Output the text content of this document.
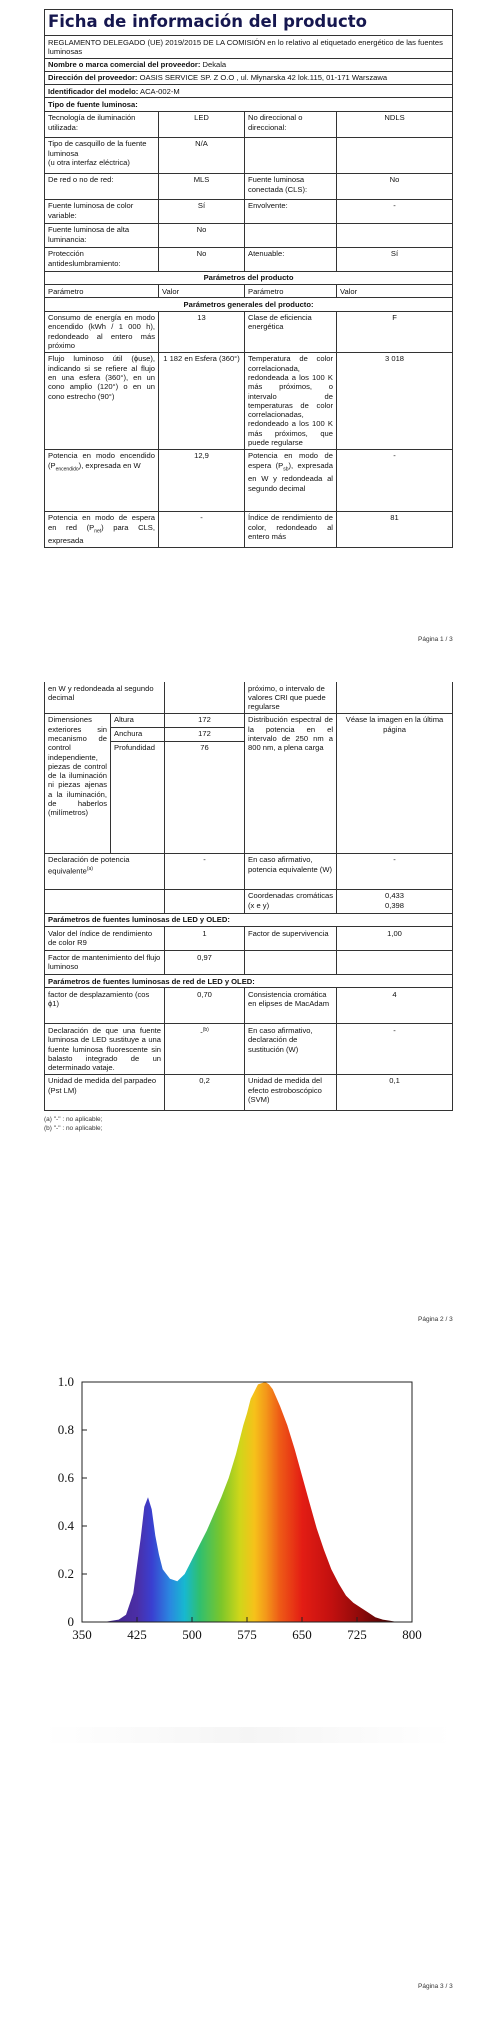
Ficha de información del producto			
REGLAMENTO DELEGADO (UE) 2019/2015 DE LA COMISIÓN en lo relativo al etiquetado energético de las fuentes luminosas			
Nombre o marca comercial del proveedor: Dekala			
Dirección del proveedor: OASIS SERVICE SP. Z O.O , ul. Młynarska 42 lok.115, 01-171 Warszawa			
Identificador del modelo: ACA-002-M			
Tipo de fuente luminosa:			
Tecnología de iluminación utilizada:	LED	No direccional o direccional:	NDLS
Tipo de casquillo de la fuente luminosa
(u otra interfaz eléctrica)	N/A		
De red o no de red:	MLS	Fuente luminosa conectada (CLS):	No
Fuente luminosa de color variable:	Sí	Envolvente:	-
Fuente luminosa de alta luminancia:	No		
Protección antideslumbramiento:	No	Atenuable:	Sí
Parámetros del producto			
Parámetro	Valor	Parámetro	Valor
Parámetros generales del producto:			
Consumo de energía en modo encendido (kWh / 1 000 h), redondeado al entero más próximo	13	Clase de eficiencia energética	F
Flujo luminoso útil (ϕuse), indicando si se refiere al flujo en una esfera (360°), en un cono amplio (120°) o en un cono estrecho (90°)	1 182 en Esfera (360°)	Temperatura de color correlacionada, redondeada a los 100 K más próximos, o intervalo de temperaturas de color correlacionadas, redondeado a los 100 K más próximos, que puede regularse	3 018
Potencia en modo encendido $(P_{encendido})$, expresada en W	12,9	Potencia en modo de espera $(P_{sb})$, expresada en W y redondeada al segundo decimal	-
Potencia en modo de espera en red $(P_{net})$ para CLS, expresada	-	Índice de rendimiento de color, redondeado al entero más	81
Página 1 / 3
en W y redondeada al segundo decimal			próximo, o intervalo de valores CRI que puede regularse	
Dimensiones exteriores sin mecanismo de control independiente, piezas de control de la iluminación ni piezas ajenas a la iluminación, de haberlos (milímetros)	Altura	172	Distribución espectral de la potencia en el intervalo de 250 nm a 800 nm, a plena carga	Véase la imagen en la última página
	Anchura	172		
	Profundidad	76		
Declaración de potencia equivalente$^{(a)}$		-	En caso afirmativo, potencia equivalente (W)	-
			Coordenadas cromáticas (x e y)	0,433
0,398
Parámetros de fuentes luminosas de LED y OLED:				
Valor del índice de rendimiento de color R9		1	Factor de supervivencia	1,00
Factor de mantenimiento del flujo luminoso		0,97		
Parámetros de fuentes luminosas de red de LED y OLED:				
factor de desplazamiento (cos ϕ1)		0,70	Consistencia cromática en elipses de MacAdam	4
Declaración de que una fuente luminosa de LED sustituye a una fuente luminosa fluorescente sin balasto integrado de un determinado vataje.		-$^{(b)}$	En caso afirmativo, declaración de sustitución (W)	-
Unidad de medida del parpadeo (Pst LM)		0,2	Unidad de medida del efecto estroboscópico (SVM)	0,1
(a) "-" : no aplicable;
(b) "-" : no aplicable;
Página 2 / 3
350	425	500	575	650	725	800
0
0.2
0.4
0.6
0.8
1.0
Página 3 / 3
